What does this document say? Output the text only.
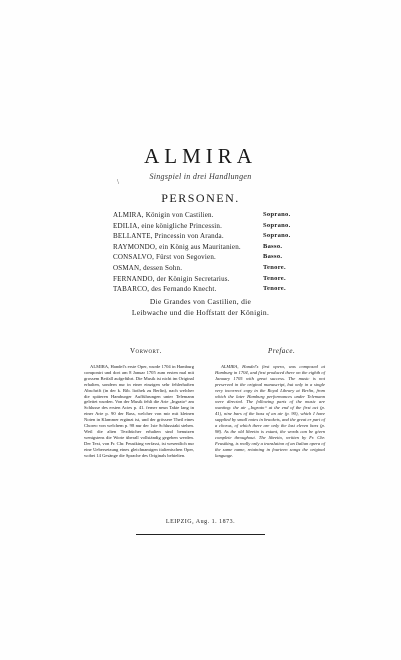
ALMIRA
Singspiel in drei Handlungen
\
PERSONEN.
ALMIRA, Königin von Castilien.	Soprano.
EDILIA, eine königliche Princessin.	Soprano.
BELLANTE, Princessin von Aranda.	Soprano.
RAYMONDO, ein König aus Mauritanien.	Basso.
CONSALVO, Fürst von Segovien.	Basso.
OSMAN, dessen Sohn.	Tenore.
FERNANDO, der Königin Secretarius.	Tenore.
TABARCO, des Fernando Knecht.	Tenore.
Die Grandes von Castilien, die
Leibwache und die Hoffstatt der Königin.
Vorwort.	Preface.

ALMIRA, Handel's erste Oper, wurde 1704 in Hamburg componirt und dort am 8 Januar 1705 zum ersten mal mit grossem Beifall aufgeführt. Die Musik ist nicht im Original erhalten, sondern nur in einer einzigen sehr fehlerhaften Abschrift (in der k. Bib. liothek zu Berlin), nach welcher die späteren Hamburger Aufführungen unter Telemann geleitet wurden. Von der Musik fehlt die Arie „Ingrato“ am Schlusse des ersten Actes p. 41. ferner neun Takte lang in einer Arie p. 90 der Bass, welcher von mir mit kleinen Noten in Klammer ergänzt ist, und der grössere Theil eines Choreo von welchem p. 98 nur der 1ste Schlusstakt stehen. Weil die alten Textbücher erhalten sind benutzen wenigstens die Worte überall vollständig gegeben werden. Der Text, von Fr. Chr. Feustking verfasst, ist wesentlich nur eine Uebersetzung eines gleichnamigen italienischen Oper, wobei 14 Gesänge die Sprache des Originals behielten.

ALMIRA, Handel's first opera, was composed at Hamburg in 1704, and first produced there on the eighth of January 1705 with great success. The music is not preserved in the original manuscript, but only in a single very incorrect copy in the Royal Library at Berlin, from which the later Hamburg performances under Telemann were directed. The following parts of the music are wanting: the air „Ingrato“ at the end of the first act (p. 41), nine bars of the bass of an air (p. 90), which I have supplied by small notes in brackets, and the great er part of a chorus, of which there are only the last eleven bars (p. 98). As the old libretto is extant, the words can be given complete throughout. The libretto, written by Fr. Chr. Feustking, is really only a translation of an Italian opera of the same name, retaining in fourteen songs the original language.

LEIPZIG, Aug. 1. 1873.
